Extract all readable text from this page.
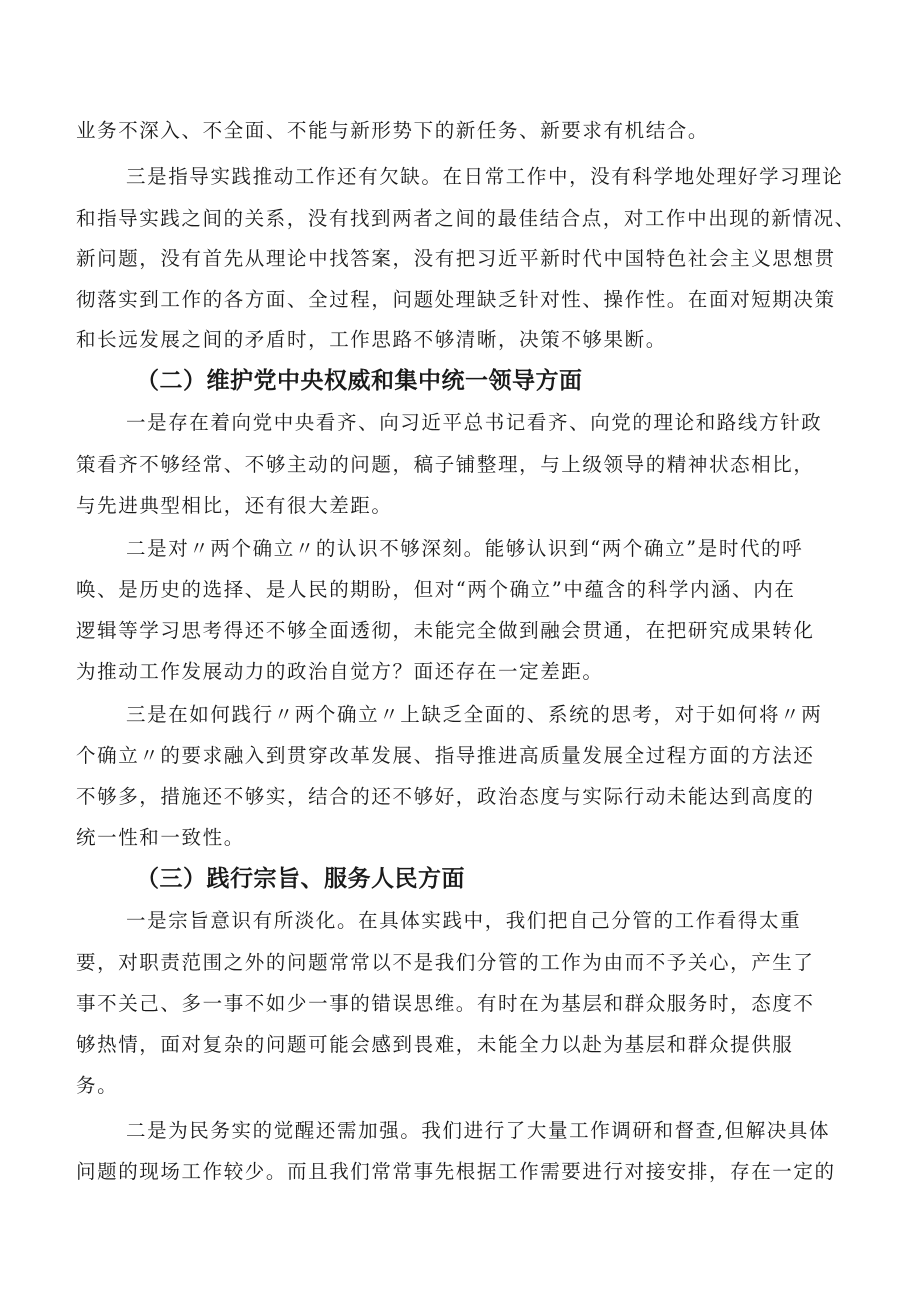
业务不深入、不全面、不能与新形势下的新任务、新要求有机结合。
三是指导实践推动工作还有欠缺。在日常工作中，没有科学地处理好学习理论
和指导实践之间的关系，没有找到两者之间的最佳结合点，对工作中出现的新情况、
新问题，没有首先从理论中找答案，没有把习近平新时代中国特色社会主义思想贯
彻落实到工作的各方面、全过程，问题处理缺乏针对性、操作性。在面对短期决策
和长远发展之间的矛盾时，工作思路不够清晰，决策不够果断。
（二）维护党中央权威和集中统一领导方面
一是存在着向党中央看齐、向习近平总书记看齐、向党的理论和路线方针政
策看齐不够经常、不够主动的问题，稿子铺整理，与上级领导的精神状态相比，
与先进典型相比，还有很大差距。
二是对〃两个确立〃的认识不够深刻。能够认识到“两个确立”是时代的呼
唤、是历史的选择、是人民的期盼，但对“两个确立”中蕴含的科学内涵、内在
逻辑等学习思考得还不够全面透彻，未能完全做到融会贯通，在把研究成果转化
为推动工作发展动力的政治自觉方？面还存在一定差距。
三是在如何践行〃两个确立〃上缺乏全面的、系统的思考，对于如何将〃两
个确立〃的要求融入到贯穿改革发展、指导推进高质量发展全过程方面的方法还
不够多，措施还不够实，结合的还不够好，政治态度与实际行动未能达到高度的
统一性和一致性。
（三）践行宗旨、服务人民方面
一是宗旨意识有所淡化。在具体实践中，我们把自己分管的工作看得太重
要，对职责范围之外的问题常常以不是我们分管的工作为由而不予关心，产生了
事不关己、多一事不如少一事的错误思维。有时在为基层和群众服务时，态度不
够热情，面对复杂的问题可能会感到畏难，未能全力以赴为基层和群众提供服
务。
二是为民务实的觉醒还需加强。我们进行了大量工作调研和督查,但解决具体
问题的现场工作较少。而且我们常常事先根据工作需要进行对接安排，存在一定的
